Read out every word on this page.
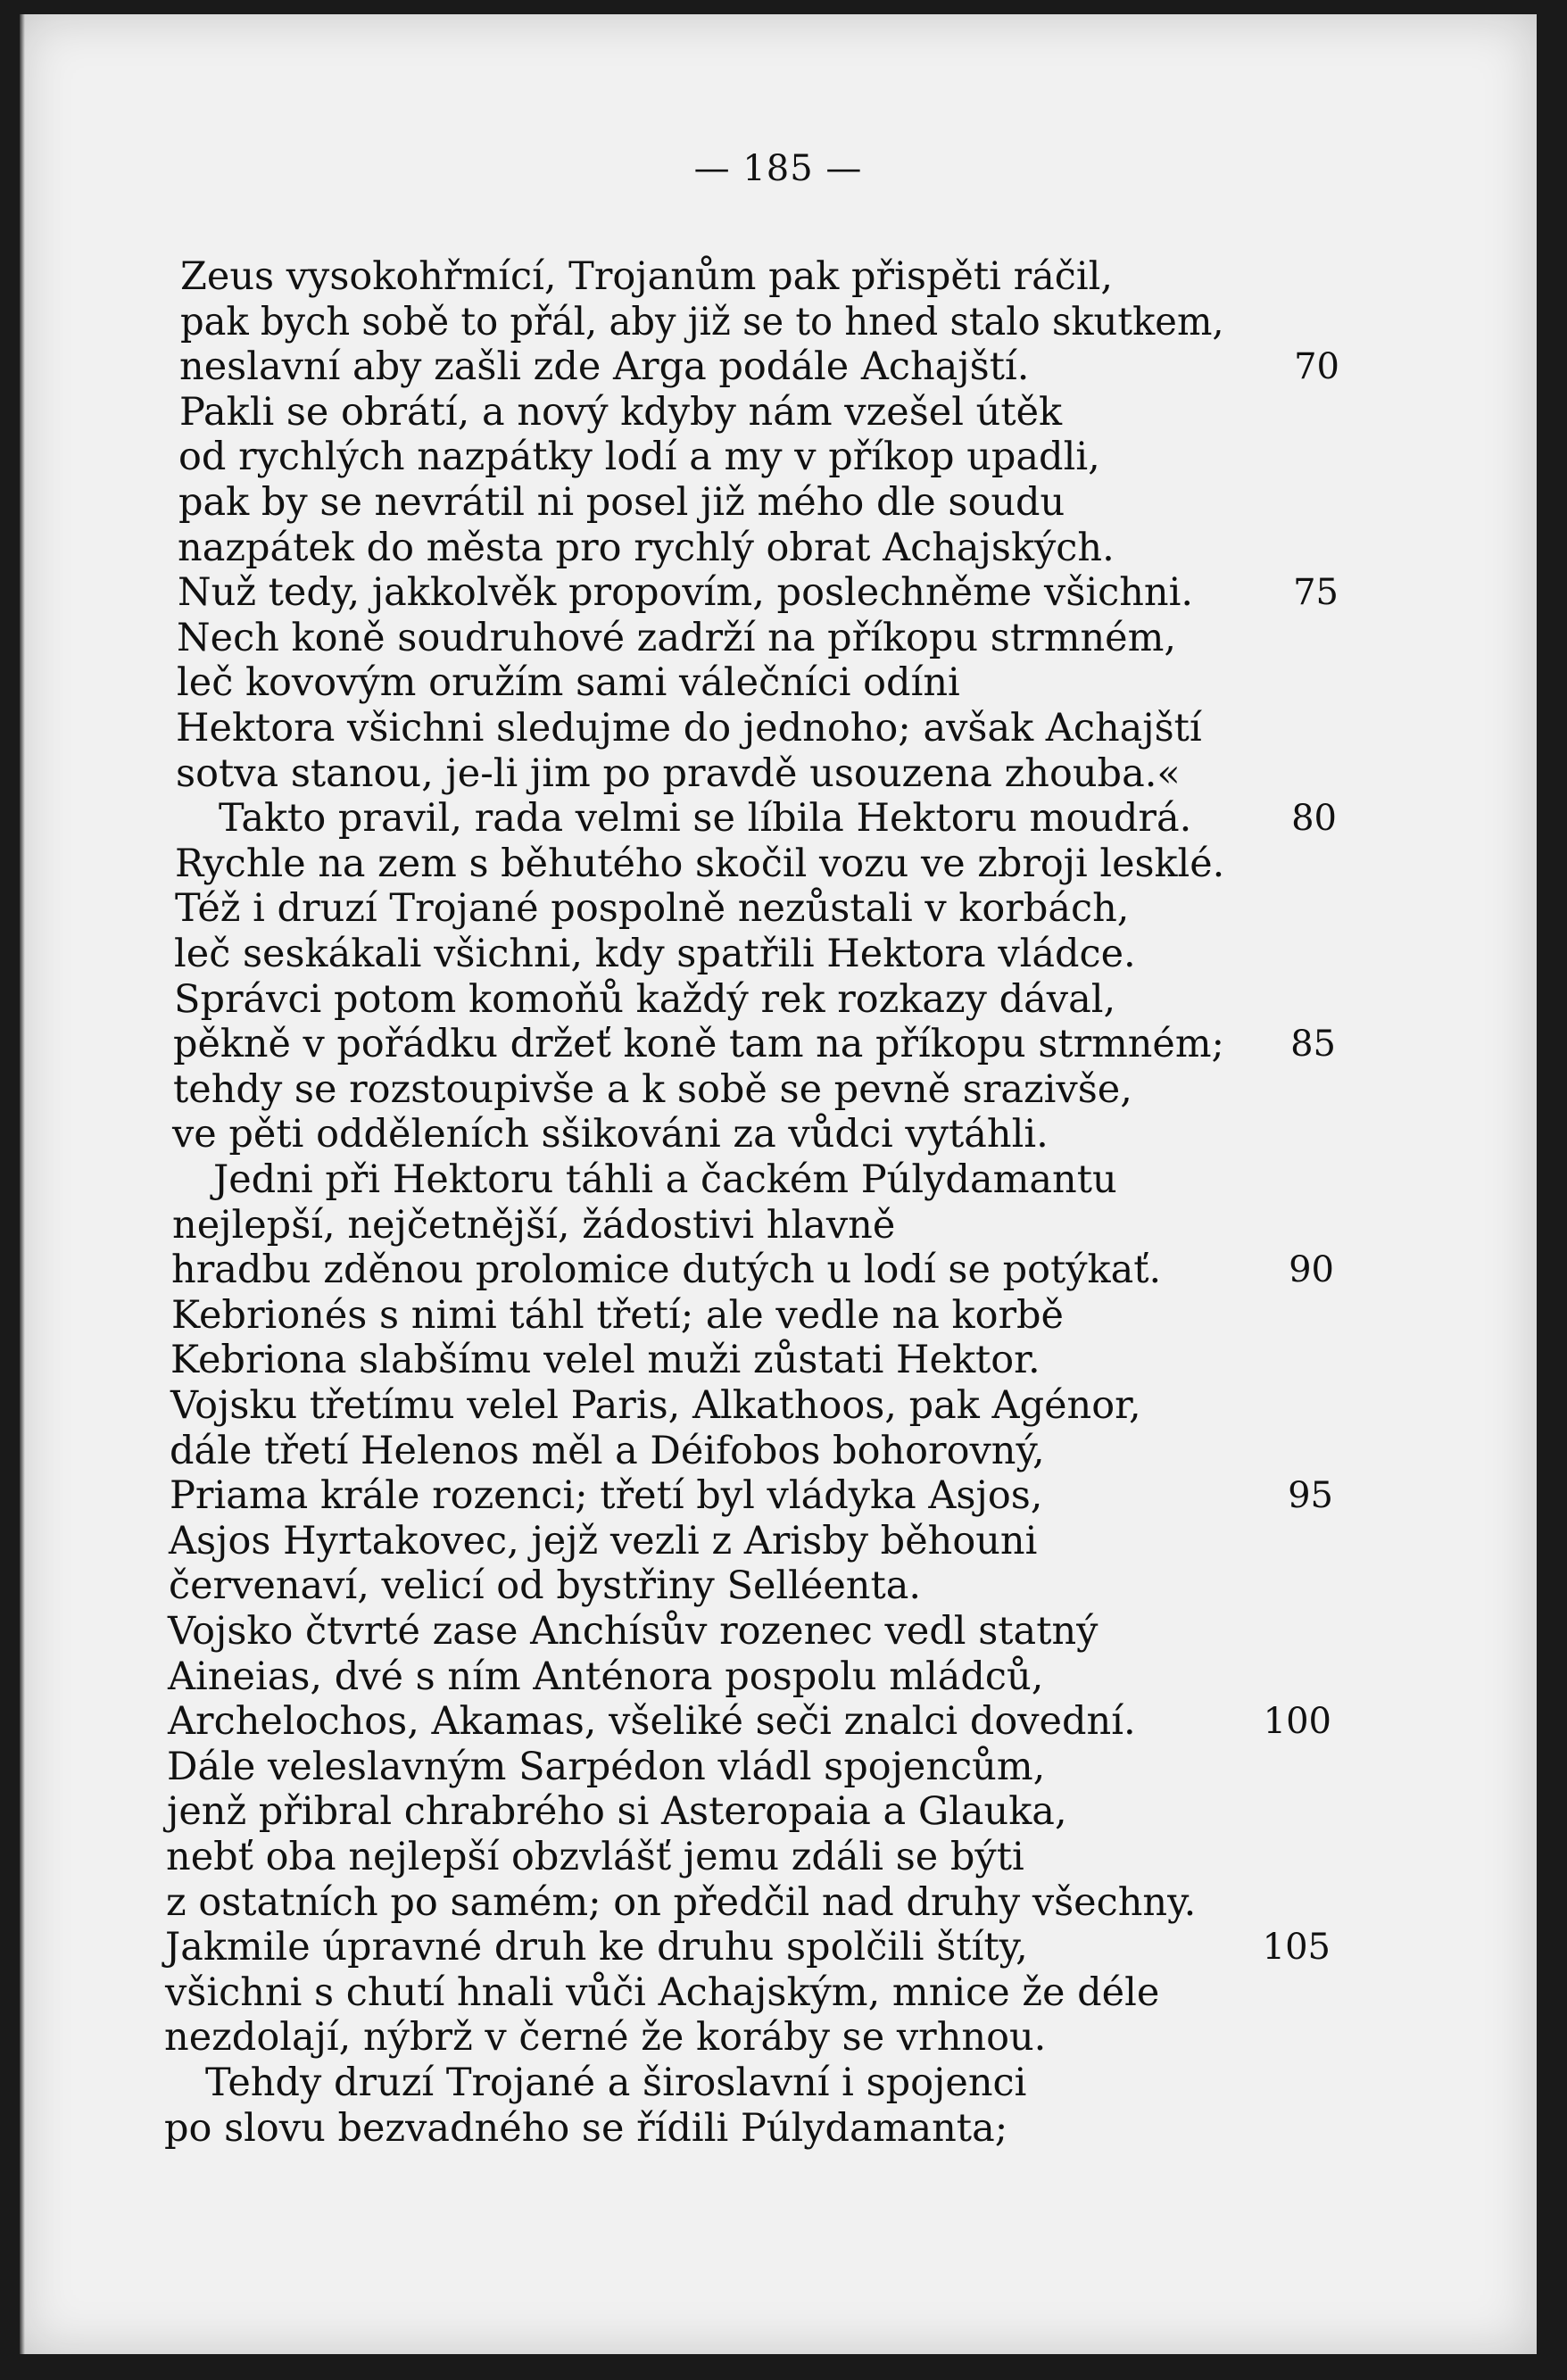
— 185 —
Zeus vysokohřmící, Trojanům pak přispěti ráčil,
pak bych sobě to přál, aby již se to hned stalo skutkem,
neslavní aby zašli zde Arga podále Achajští.	70
Pakli se obrátí, a nový kdyby nám vzešel útěk
od rychlých nazpátky lodí a my v příkop upadli,
pak by se nevrátil ni posel již mého dle soudu
nazpátek do města pro rychlý obrat Achajských.
Nuž tedy, jakkolvěk propovím, poslechněme všichni.	75
Nech koně soudruhové zadrží na příkopu strmném,
leč kovovým oružím sami válečníci odíni
Hektora všichni sledujme do jednoho; avšak Achajští
sotva stanou, je-li jim po pravdě usouzena zhouba.«
Takto pravil, rada velmi se líbila Hektoru moudrá.	80
Rychle na zem s běhutého skočil vozu ve zbroji lesklé.
Též i druzí Trojané pospolně nezůstali v korbách,
leč seskákali všichni, kdy spatřili Hektora vládce.
Správci potom komoňů každý rek rozkazy dával,
pěkně v pořádku držeť koně tam na příkopu strmném;	85
tehdy se rozstoupivše a k sobě se pevně srazivše,
ve pěti odděleních sšikováni za vůdci vytáhli.
Jedni při Hektoru táhli a čackém Púlydamantu
nejlepší, nejčetnější, žádostivi hlavně
hradbu zděnou prolomice dutých u lodí se potýkať.	90
Kebrionés s nimi táhl třetí; ale vedle na korbě
Kebriona slabšímu velel muži zůstati Hektor.
Vojsku třetímu velel Paris, Alkathoos, pak Agénor,
dále třetí Helenos měl a Déifobos bohorovný,
Priama krále rozenci; třetí byl vládyka Asjos,	95
Asjos Hyrtakovec, jejž vezli z Arisby běhouni
červenaví, velicí od bystřiny Selléenta.
Vojsko čtvrté zase Anchísův rozenec vedl statný
Aineias, dvé s ním Anténora pospolu mládců,
Archelochos, Akamas, všeliké seči znalci dovední.	100
Dále veleslavným Sarpédon vládl spojencům,
jenž přibral chrabrého si Asteropaia a Glauka,
nebť oba nejlepší obzvlášť jemu zdáli se býti
z ostatních po samém; on předčil nad druhy všechny.
Jakmile úpravné druh ke druhu spolčili štíty,	105
všichni s chutí hnali vůči Achajským, mnice že déle
nezdolají, nýbrž v černé že koráby se vrhnou.
Tehdy druzí Trojané a široslavní i spojenci
po slovu bezvadného se řídili Púlydamanta;
